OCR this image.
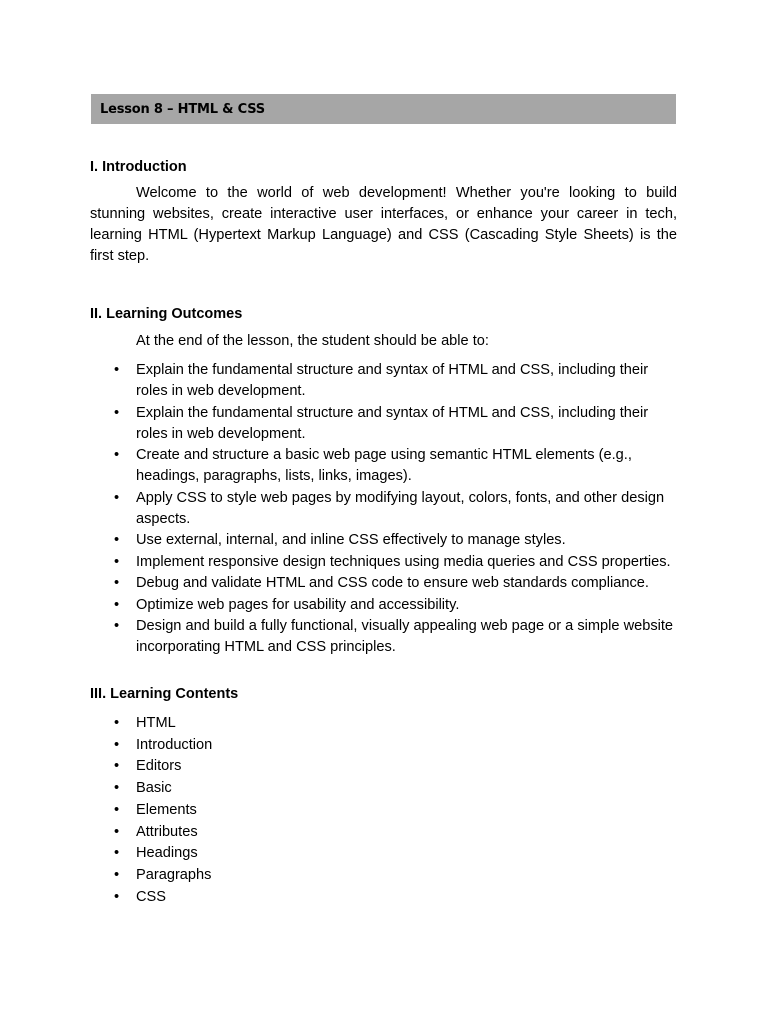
Lesson 8 – HTML & CSS
I. Introduction

Welcome to the world of web development! Whether you're looking to build stunning websites, create interactive user interfaces, or enhance your career in tech, learning HTML (Hypertext Markup Language) and CSS (Cascading Style Sheets) is the first step.

II. Learning Outcomes
At the end of the lesson, the student should be able to:
• Explain the fundamental structure and syntax of HTML and CSS, including their roles in web development.
• Explain the fundamental structure and syntax of HTML and CSS, including their roles in web development.
• Create and structure a basic web page using semantic HTML elements (e.g., headings, paragraphs, lists, links, images).
• Apply CSS to style web pages by modifying layout, colors, fonts, and other design aspects.
• Use external, internal, and inline CSS effectively to manage styles.
• Implement responsive design techniques using media queries and CSS properties.
• Debug and validate HTML and CSS code to ensure web standards compliance.
• Optimize web pages for usability and accessibility.
• Design and build a fully functional, visually appealing web page or a simple website incorporating HTML and CSS principles.
III. Learning Contents
• HTML
• Introduction
• Editors
• Basic
• Elements
• Attributes
• Headings
• Paragraphs
• CSS
